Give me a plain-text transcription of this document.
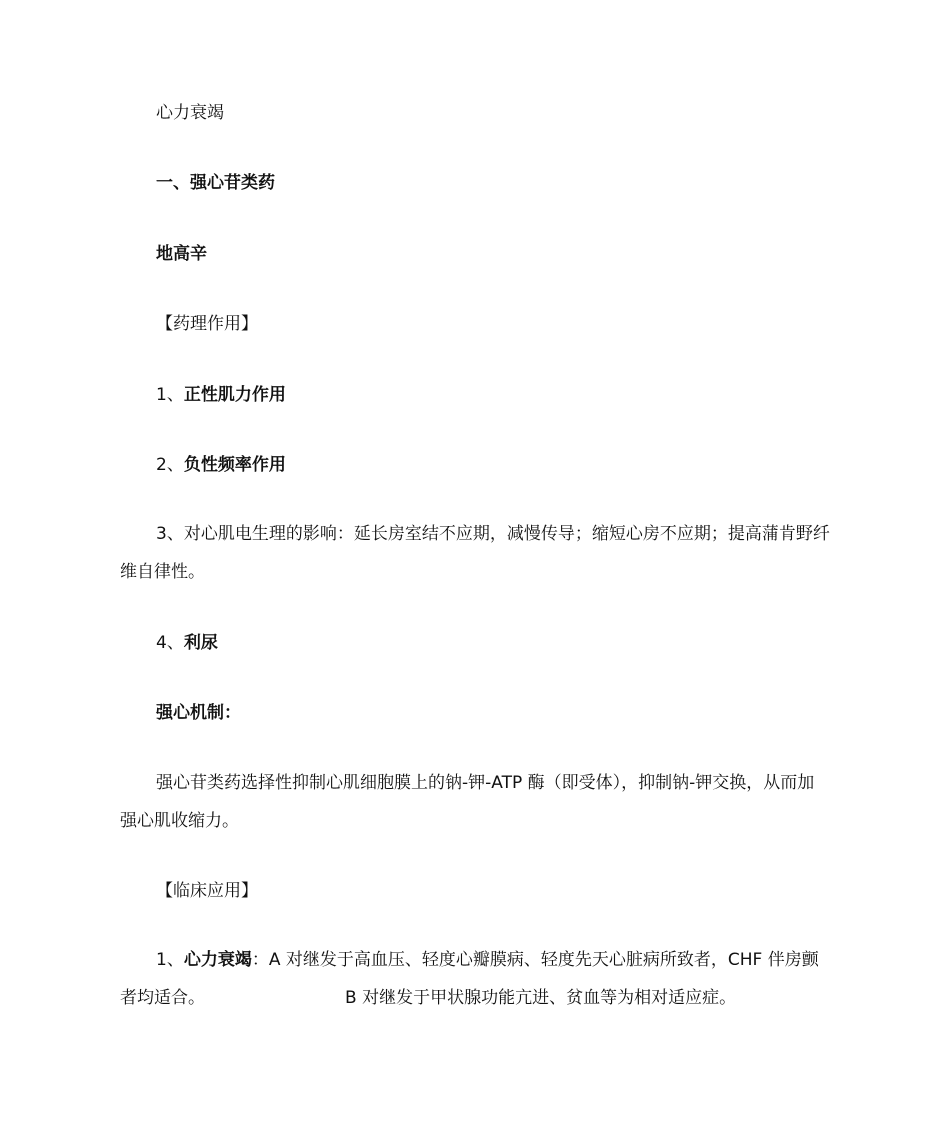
心力衰竭
一、强心苷类药
地高辛
【药理作用】
1、正性肌力作用
2、负性频率作用
3、对心肌电生理的影响：延长房室结不应期，减慢传导；缩短心房不应期；提高蒲肯野纤维自律性。
4、利尿
强心机制：
强心苷类药选择性抑制心肌细胞膜上的钠-钾-ATP 酶（即受体），抑制钠-钾交换，从而加强心肌收缩力。
【临床应用】
1、心力衰竭：A 对继发于高血压、轻度心瓣膜病、轻度先天心脏病所致者，CHF 伴房颤者均适合。	B 对继发于甲状腺功能亢进、贫血等为相对适应症。
